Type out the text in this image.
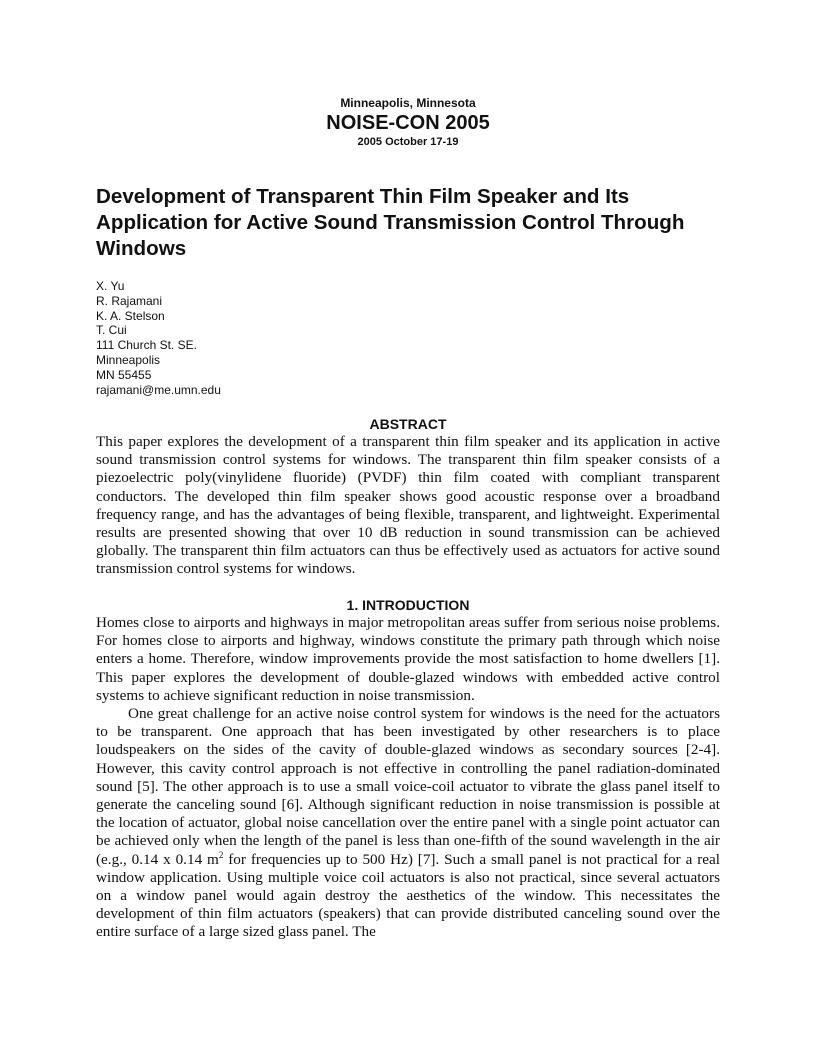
Minneapolis, Minnesota
NOISE-CON 2005
2005 October 17-19
Development of Transparent Thin Film Speaker and Its Application for Active Sound Transmission Control Through Windows
X. Yu
R. Rajamani
K. A. Stelson
T. Cui
111 Church St. SE.
Minneapolis
MN 55455
rajamani@me.umn.edu
ABSTRACT

This paper explores the development of a transparent thin film speaker and its application in active sound transmission control systems for windows. The transparent thin film speaker consists of a piezoelectric poly(vinylidene fluoride) (PVDF) thin film coated with compliant transparent conductors. The developed thin film speaker shows good acoustic response over a broadband frequency range, and has the advantages of being flexible, transparent, and lightweight. Experimental results are presented showing that over 10 dB reduction in sound transmission can be achieved globally. The transparent thin film actuators can thus be effectively used as actuators for active sound transmission control systems for windows.

1. INTRODUCTION

Homes close to airports and highways in major metropolitan areas suffer from serious noise problems. For homes close to airports and highway, windows constitute the primary path through which noise enters a home. Therefore, window improvements provide the most satisfaction to home dwellers [1]. This paper explores the development of double-glazed windows with embedded active control systems to achieve significant reduction in noise transmission.

One great challenge for an active noise control system for windows is the need for the actuators to be transparent. One approach that has been investigated by other researchers is to place loudspeakers on the sides of the cavity of double-glazed windows as secondary sources [2-4]. However, this cavity control approach is not effective in controlling the panel radiation-dominated sound [5]. The other approach is to use a small voice-coil actuator to vibrate the glass panel itself to generate the canceling sound [6]. Although significant reduction in noise transmission is possible at the location of actuator, global noise cancellation over the entire panel with a single point actuator can be achieved only when the length of the panel is less than one-fifth of the sound wavelength in the air (e.g., 0.14 x 0.14 $m^2$ for frequencies up to 500 Hz) [7]. Such a small panel is not practical for a real window application. Using multiple voice coil actuators is also not practical, since several actuators on a window panel would again destroy the aesthetics of the window. This necessitates the development of thin film actuators (speakers) that can provide distributed canceling sound over the entire surface of a large sized glass panel. The
